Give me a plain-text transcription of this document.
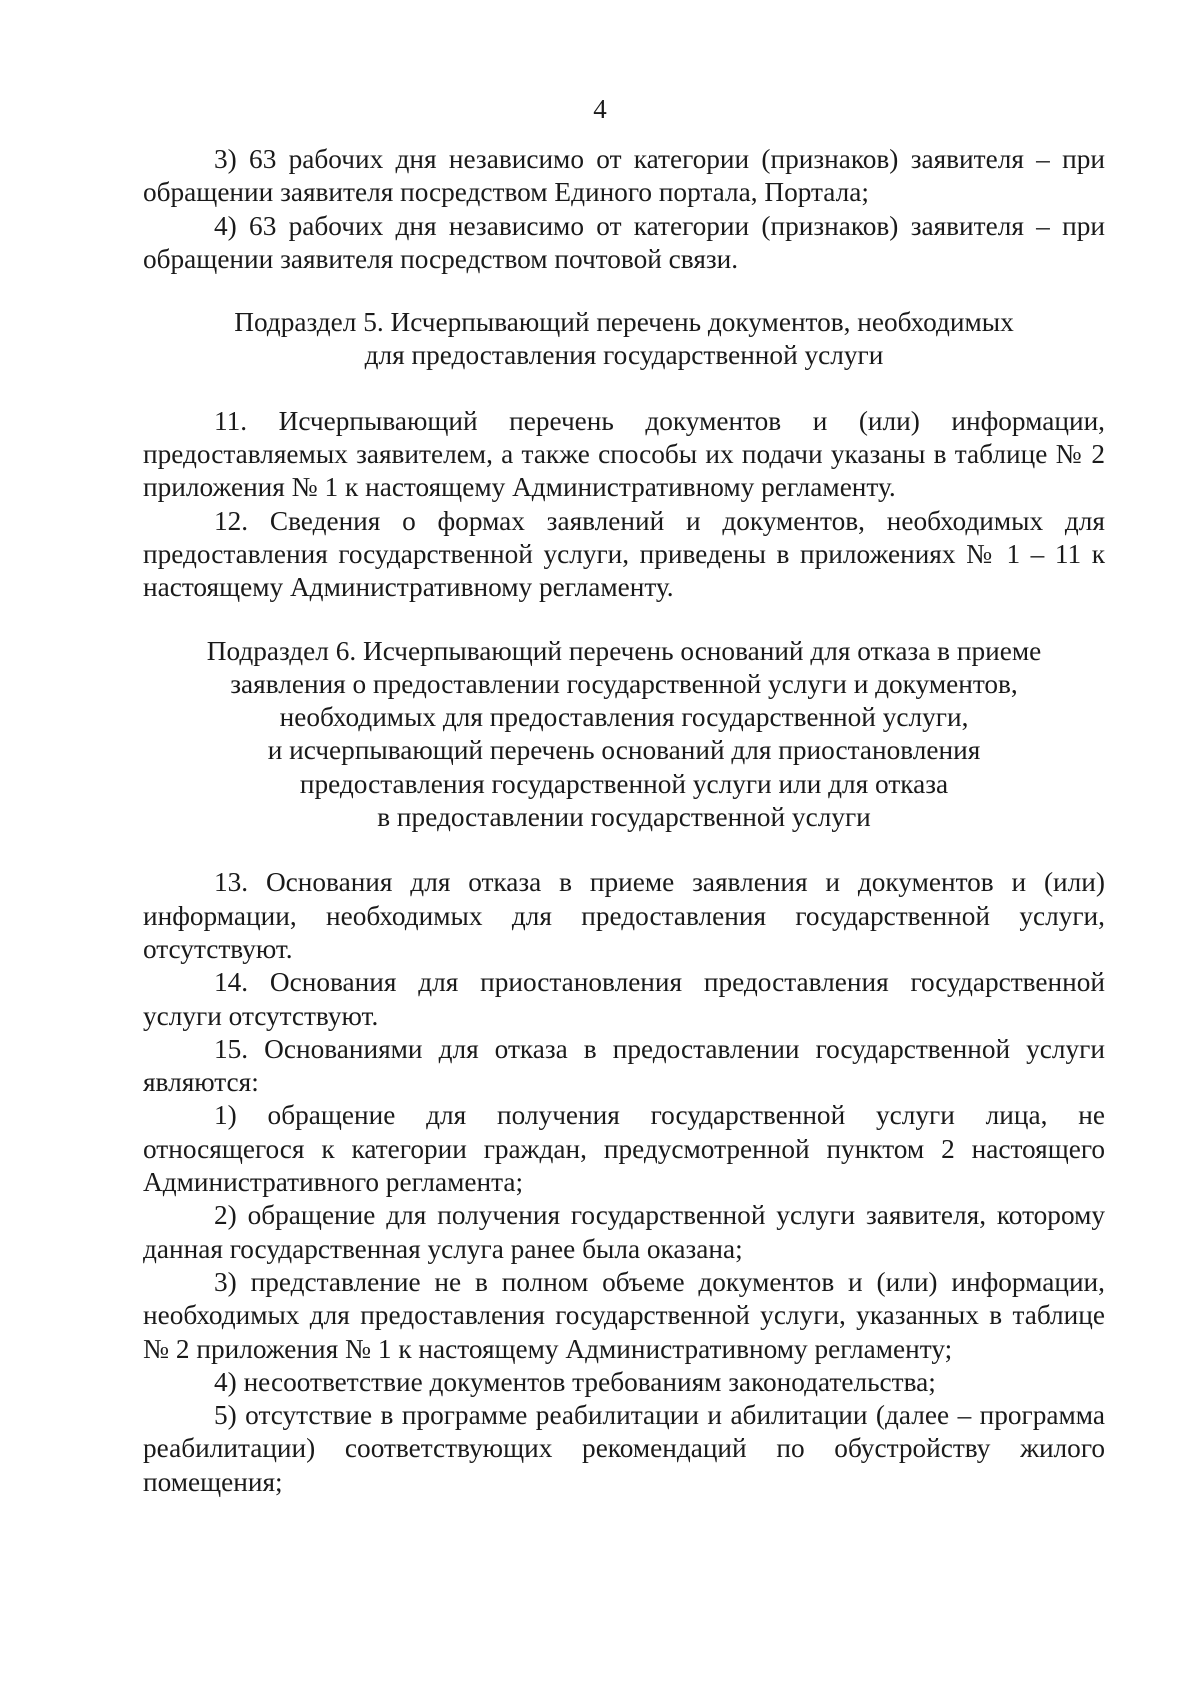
4

3) 63 рабочих дня независимо от категории (признаков) заявителя – при обращении заявителя посредством Единого портала, Портала;

4) 63 рабочих дня независимо от категории (признаков) заявителя – при обращении заявителя посредством почтовой связи.

Подраздел 5. Исчерпывающий перечень документов, необходимых

для предоставления государственной услуги

11. Исчерпывающий перечень документов и (или) информации, предоставляемых заявителем, а также способы их подачи указаны в таблице № 2 приложения № 1 к настоящему Административному регламенту.

12. Сведения о формах заявлений и документов, необходимых для предоставления государственной услуги, приведены в приложениях № 1 – 11 к настоящему Административному регламенту.

Подраздел 6. Исчерпывающий перечень оснований для отказа в приеме

заявления о предоставлении государственной услуги и документов,

необходимых для предоставления государственной услуги,

и исчерпывающий перечень оснований для приостановления

предоставления государственной услуги или для отказа

в предоставлении государственной услуги

13. Основания для отказа в приеме заявления и документов и (или) информации, необходимых для предоставления государственной услуги, отсутствуют.

14. Основания для приостановления предоставления государственной услуги отсутствуют.

15. Основаниями для отказа в предоставлении государственной услуги являются:

1) обращение для получения государственной услуги лица, не относящегося к категории граждан, предусмотренной пунктом 2 настоящего Административного регламента;

2) обращение для получения государственной услуги заявителя, которому данная государственная услуга ранее была оказана;

3) представление не в полном объеме документов и (или) информации, необходимых для предоставления государственной услуги, указанных в таблице № 2 приложения № 1 к настоящему Административному регламенту;

4) несоответствие документов требованиям законодательства;

5) отсутствие в программе реабилитации и абилитации (далее – программа реабилитации) соответствующих рекомендаций по обустройству жилого помещения;
